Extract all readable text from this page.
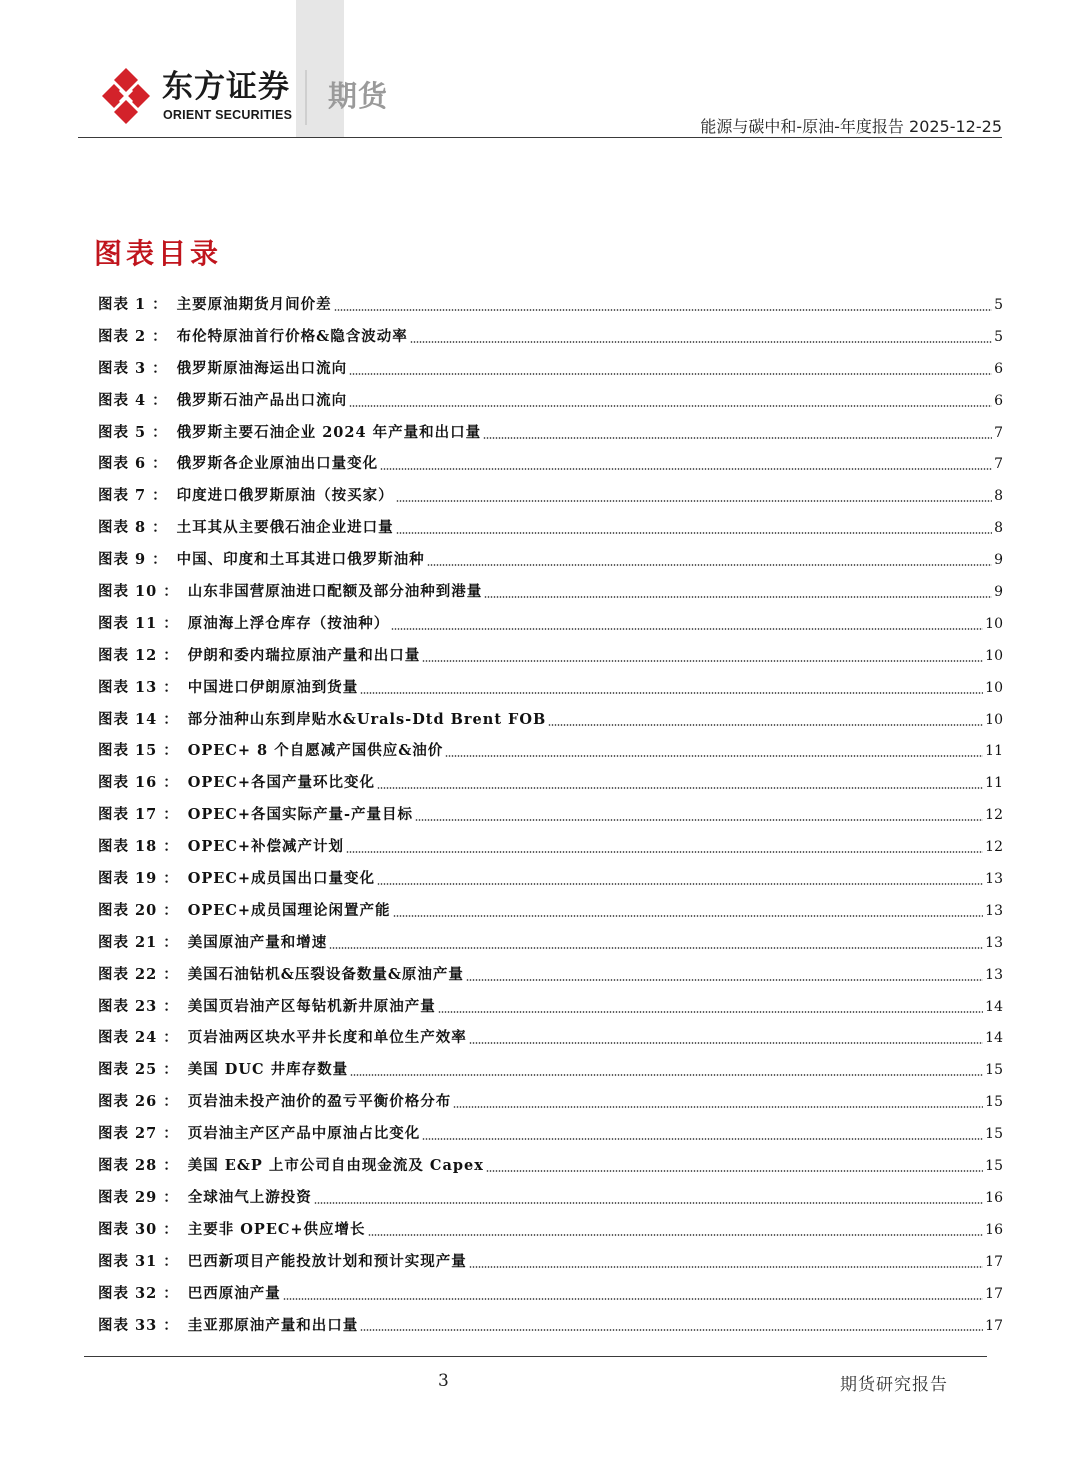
东方证券
ORIENT SECURITIES
期货
能源与碳中和-原油-年度报告 2025-12-25
图表目录
图表 1 ： 主要原油期货月间价差	5
图表 2 ： 布伦特原油首行价格&隐含波动率	5
图表 3 ： 俄罗斯原油海运出口流向	6
图表 4 ： 俄罗斯石油产品出口流向	6
图表 5 ： 俄罗斯主要石油企业 2024 年产量和出口量	7
图表 6 ： 俄罗斯各企业原油出口量变化	7
图表 7 ： 印度进口俄罗斯原油（按买家）	8
图表 8 ： 土耳其从主要俄石油企业进口量	8
图表 9 ： 中国、印度和土耳其进口俄罗斯油种	9
图表 10 ： 山东非国营原油进口配额及部分油种到港量	9
图表 11 ： 原油海上浮仓库存（按油种）	10
图表 12 ： 伊朗和委内瑞拉原油产量和出口量	10
图表 13 ： 中国进口伊朗原油到货量	10
图表 14 ： 部分油种山东到岸贴水&Urals-Dtd Brent FOB	10
图表 15 ： OPEC+ 8 个自愿减产国供应&油价	11
图表 16 ： OPEC+各国产量环比变化	11
图表 17 ： OPEC+各国实际产量-产量目标	12
图表 18 ： OPEC+补偿减产计划	12
图表 19 ： OPEC+成员国出口量变化	13
图表 20 ： OPEC+成员国理论闲置产能	13
图表 21 ： 美国原油产量和增速	13
图表 22 ： 美国石油钻机&压裂设备数量&原油产量	13
图表 23 ： 美国页岩油产区每钻机新井原油产量	14
图表 24 ： 页岩油两区块水平井长度和单位生产效率	14
图表 25 ： 美国 DUC 井库存数量	15
图表 26 ： 页岩油未投产油价的盈亏平衡价格分布	15
图表 27 ： 页岩油主产区产品中原油占比变化	15
图表 28 ： 美国 E&P 上市公司自由现金流及 Capex	15
图表 29 ： 全球油气上游投资	16
图表 30 ： 主要非 OPEC+供应增长	16
图表 31 ： 巴西新项目产能投放计划和预计实现产量	17
图表 32 ： 巴西原油产量	17
图表 33 ： 圭亚那原油产量和出口量	17
3	期货研究报告
